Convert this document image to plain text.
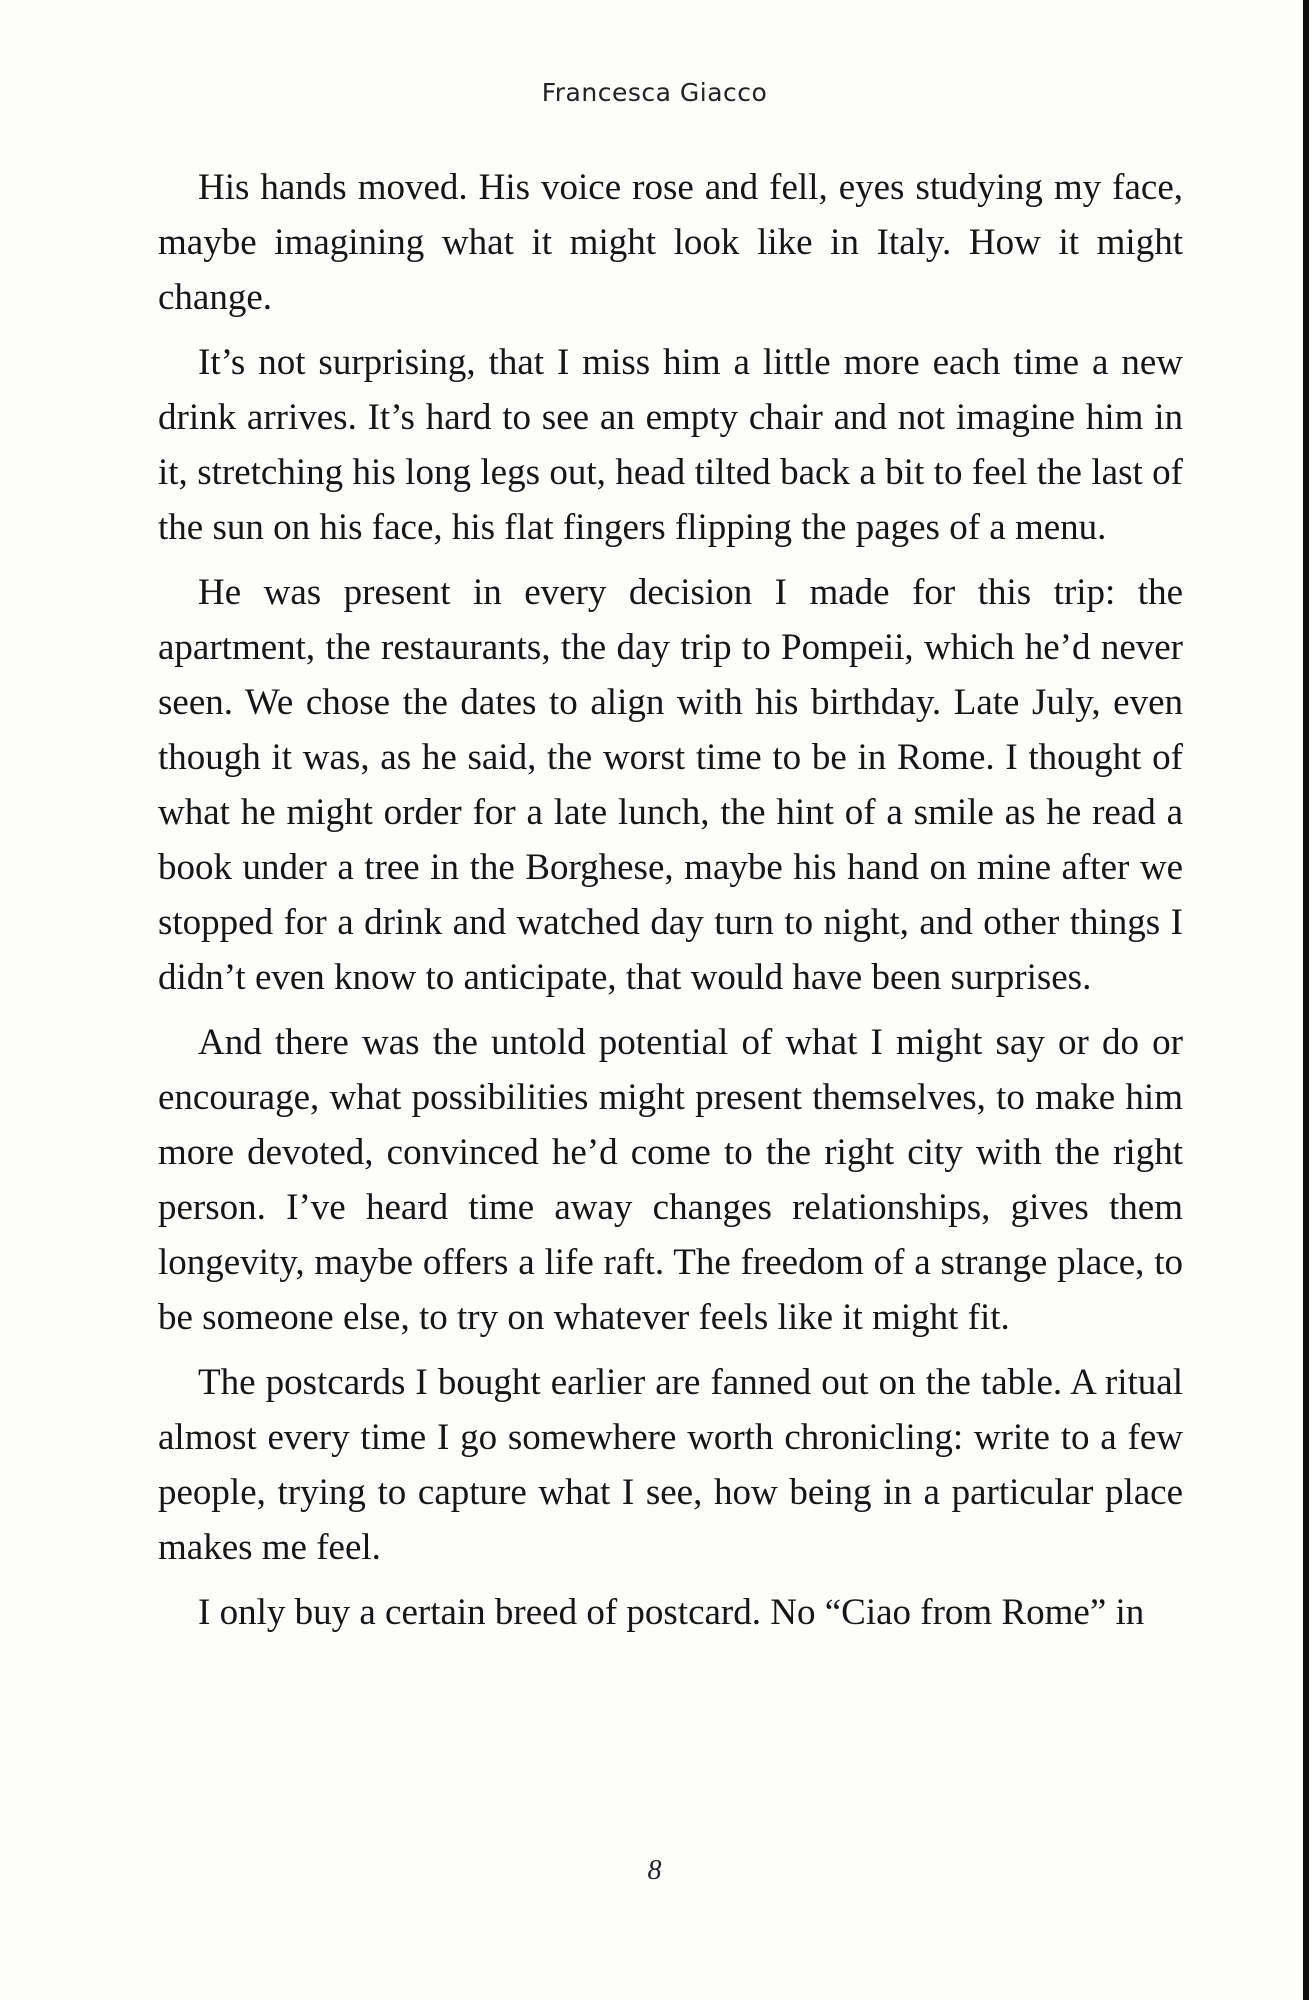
Francesca Giacco

His hands moved. His voice rose and fell, eyes studying my face, maybe imagining what it might look like in Italy. How it might change.

It’s not surprising, that I miss him a little more each time a new drink arrives. It’s hard to see an empty chair and not imagine him in it, stretching his long legs out, head tilted back a bit to feel the last of the sun on his face, his flat fingers flipping the pages of a menu.

He was present in every decision I made for this trip: the apartment, the restaurants, the day trip to Pompeii, which he’d never seen. We chose the dates to align with his birthday. Late July, even though it was, as he said, the worst time to be in Rome. I thought of what he might order for a late lunch, the hint of a smile as he read a book under a tree in the Borghese, maybe his hand on mine after we stopped for a drink and watched day turn to night, and other things I didn’t even know to anticipate, that would have been surprises.

And there was the untold potential of what I might say or do or encourage, what possibilities might present themselves, to make him more devoted, convinced he’d come to the right city with the right person. I’ve heard time away changes relationships, gives them longevity, maybe offers a life raft. The freedom of a strange place, to be someone else, to try on whatever feels like it might fit.

The postcards I bought earlier are fanned out on the table. A ritual almost every time I go somewhere worth chronicling: write to a few people, trying to capture what I see, how being in a particular place makes me feel.

I only buy a certain breed of postcard. No “Ciao from Rome” in

8
